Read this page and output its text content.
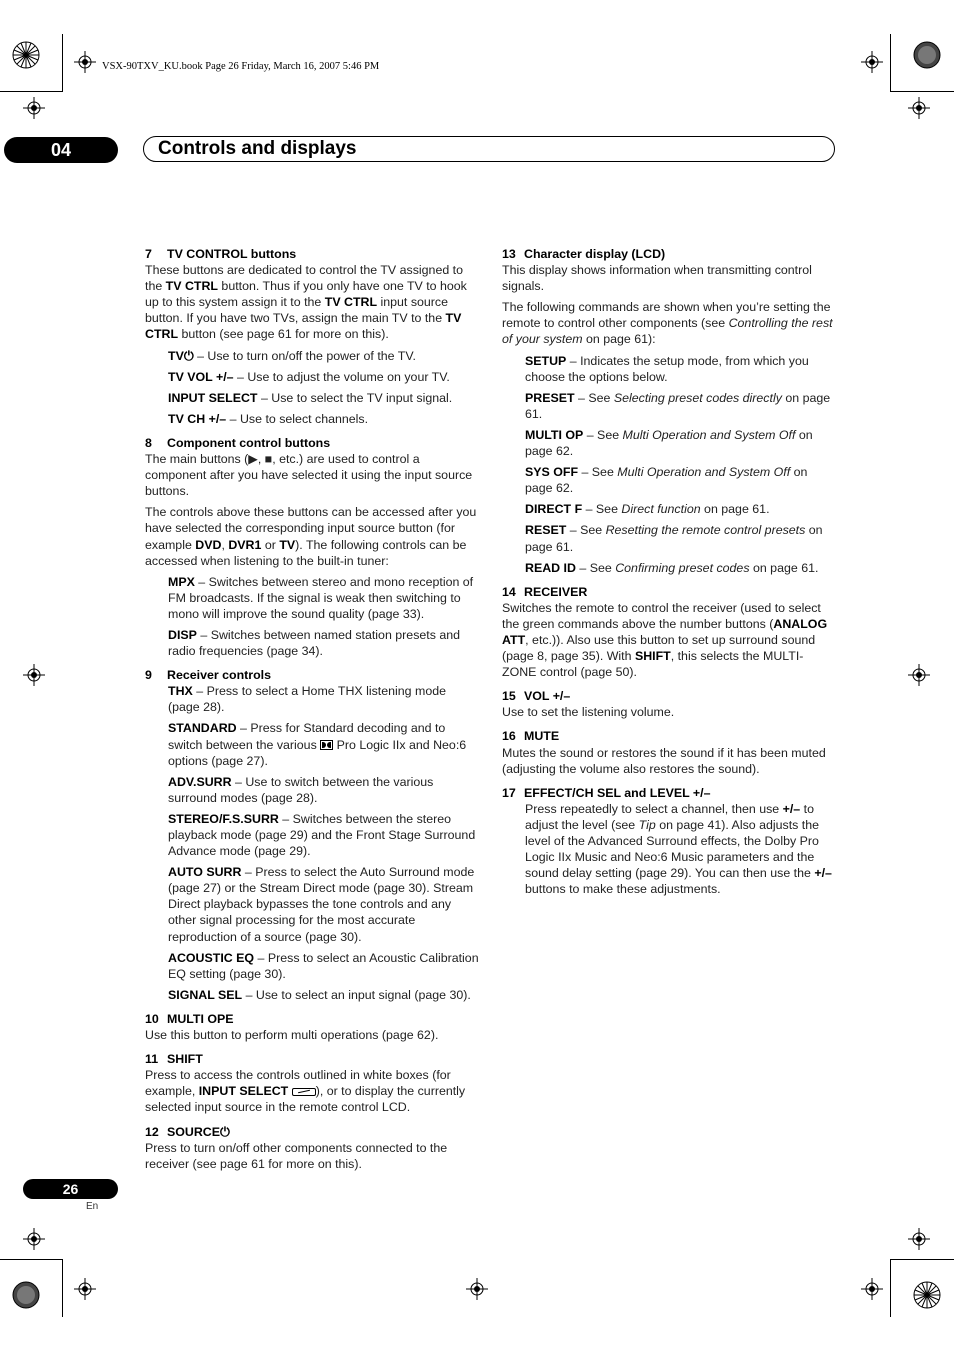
VSX-90TXV_KU.book Page 26 Friday, March 16, 2007 5:46 PM
04	Controls and displays
7 TV CONTROL buttons

These buttons are dedicated to control the TV assigned to the TV CTRL button. Thus if you only have one TV to hook up to this system assign it to the TV CTRL input source button. If you have two TVs, assign the main TV to the TV CTRL button (see page 61 for more on this).

TV⏻ – Use to turn on/off the power of the TV.

TV VOL +/– – Use to adjust the volume on your TV.

INPUT SELECT – Use to select the TV input signal.

TV CH +/– – Use to select channels.

8 Component control buttons

The main buttons (▶, ■, etc.) are used to control a component after you have selected it using the input source buttons.

The controls above these buttons can be accessed after you have selected the corresponding input source button (for example DVD, DVR1 or TV). The following controls can be accessed when listening to the built-in tuner:

MPX – Switches between stereo and mono reception of FM broadcasts. If the signal is weak then switching to mono will improve the sound quality (page 33).

DISP – Switches between named station presets and radio frequencies (page 34).

9 Receiver controls

THX – Press to select a Home THX listening mode (page 28).

STANDARD – Press for Standard decoding and to switch between the various  Pro Logic IIx and Neo:6 options (page 27).

ADV.SURR – Use to switch between the various surround modes (page 28).

STEREO/F.S.SURR – Switches between the stereo playback mode (page 29) and the Front Stage Surround Advance mode (page 29).

AUTO SURR – Press to select the Auto Surround mode (page 27) or the Stream Direct mode (page 30). Stream Direct playback bypasses the tone controls and any other signal processing for the most accurate reproduction of a source (page 30).

ACOUSTIC EQ – Press to select an Acoustic Calibration EQ setting (page 30).

SIGNAL SEL – Use to select an input signal (page 30).

10 MULTI OPE

Use this button to perform multi operations (page 62).

11 SHIFT

Press to access the controls outlined in white boxes (for example, INPUT SELECT ), or to display the currently selected input source in the remote control LCD.

12 SOURCE⏻

Press to turn on/off other components connected to the receiver (see page 61 for more on this).

13 Character display (LCD)

This display shows information when transmitting control signals.

The following commands are shown when you’re setting the remote to control other components (see Controlling the rest of your system on page 61):

SETUP – Indicates the setup mode, from which you choose the options below.

PRESET – See Selecting preset codes directly on page 61.

MULTI OP – See Multi Operation and System Off on page 62.

SYS OFF – See Multi Operation and System Off on page 62.

DIRECT F – See Direct function on page 61.

RESET – See Resetting the remote control presets on page 61.

READ ID – See Confirming preset codes on page 61.

14 RECEIVER

Switches the remote to control the receiver (used to select the green commands above the number buttons (ANALOG ATT, etc.)). Also use this button to set up surround sound (page 8, page 35). With SHIFT, this selects the MULTI-ZONE control (page 50).

15 VOL +/–

Use to set the listening volume.

16 MUTE

Mutes the sound or restores the sound if it has been muted (adjusting the volume also restores the sound).

17 EFFECT/CH SEL and LEVEL +/–

Press repeatedly to select a channel, then use +/– to adjust the level (see Tip on page 41). Also adjusts the level of the Advanced Surround effects, the Dolby Pro Logic IIx Music and Neo:6 Music parameters and the sound delay setting (page 29). You can then use the +/– buttons to make these adjustments.

26
En
